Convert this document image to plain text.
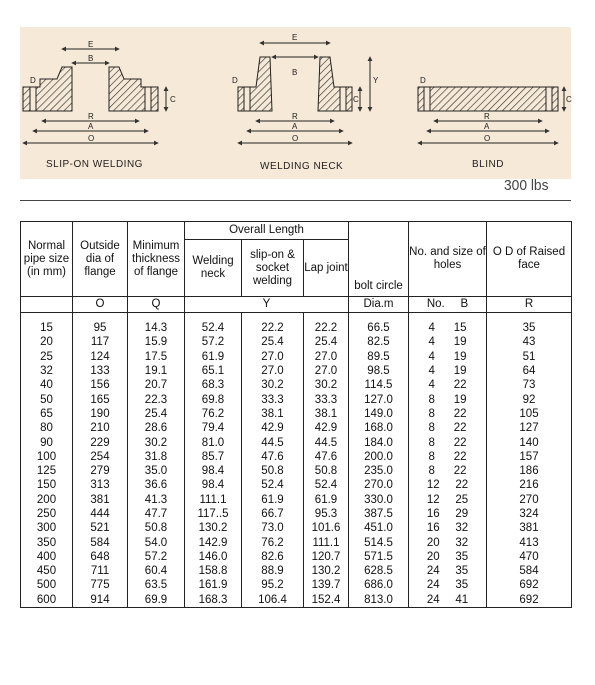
E
B
D
C
R
A
O
E
B
D
C
Y
R
A
O
D
C
R
A
O
SLIP-ON WELDING	WELDING NECK	BLIND
300 lbs
Normal pipe size (in mm)	Outside dia of flange	Minimum thickness of flange	Overall Length			bolt circle	No. and size of holes	O D of Raised face
			Welding neck	slip-on & socket welding	Lap joint			
	O	Q	Y			Dia.m	No. B	R
15	95	14.3	52.4	22.2	22.2	66.5	4 15	35
20	117	15.9	57.2	25.4	25.4	82.5	4 19	43
25	124	17.5	61.9	27.0	27.0	89.5	4 19	51
32	133	19.1	65.1	27.0	27.0	98.5	4 19	64
40	156	20.7	68.3	30.2	30.2	114.5	4 22	73
50	165	22.3	69.8	33.3	33.3	127.0	8 19	92
65	190	25.4	76.2	38.1	38.1	149.0	8 22	105
80	210	28.6	79.4	42.9	42.9	168.0	8 22	127
90	229	30.2	81.0	44.5	44.5	184.0	8 22	140
100	254	31.8	85.7	47.6	47.6	200.0	8 22	157
125	279	35.0	98.4	50.8	50.8	235.0	8 22	186
150	313	36.6	98.4	52.4	52.4	270.0	12 22	216
200	381	41.3	111.1	61.9	61.9	330.0	12 25	270
250	444	47.7	117..5	66.7	95.3	387.5	16 29	324
300	521	50.8	130.2	73.0	101.6	451.0	16 32	381
350	584	54.0	142.9	76.2	111.1	514.5	20 32	413
400	648	57.2	146.0	82.6	120.7	571.5	20 35	470
450	711	60.4	158.8	88.9	130.2	628.5	24 35	584
500	775	63.5	161.9	95.2	139.7	686.0	24 35	692
600	914	69.9	168.3	106.4	152.4	813.0	24 41	692
